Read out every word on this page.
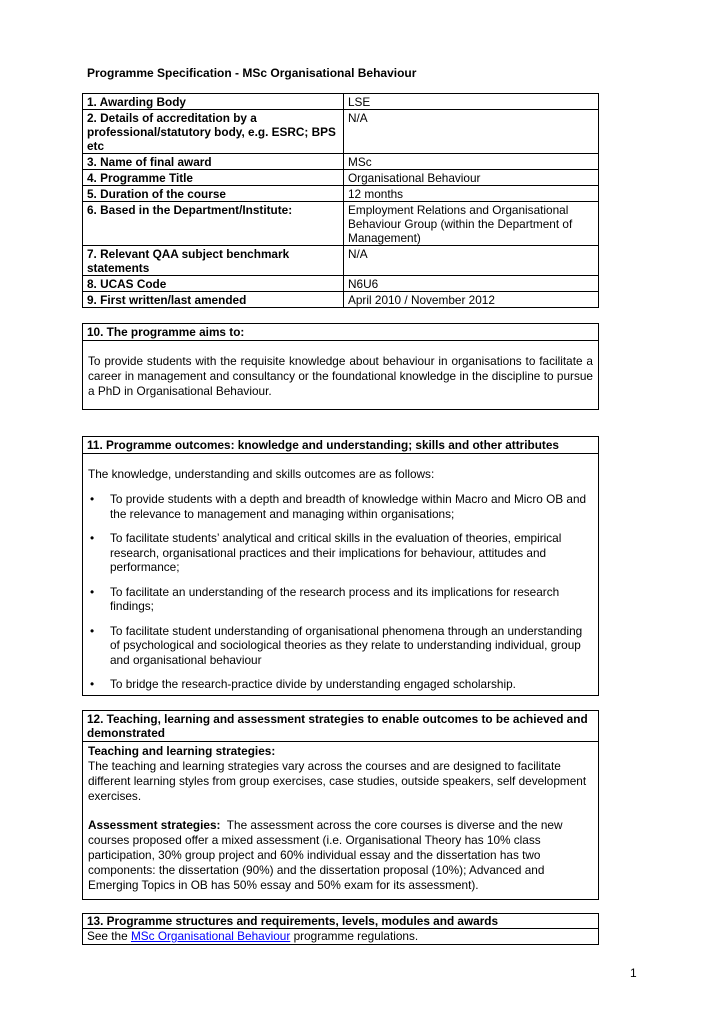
Programme Specification - MSc Organisational Behaviour
1. Awarding Body	LSE
2. Details of accreditation by a professional/statutory body, e.g. ESRC; BPS etc	N/A
3. Name of final award	MSc
4. Programme Title	Organisational Behaviour
5. Duration of the course	12 months
6. Based in the Department/Institute:	Employment Relations and Organisational Behaviour Group (within the Department of Management)
7. Relevant QAA subject benchmark statements	N/A
8. UCAS Code	N6U6
9. First written/last amended	April 2010 / November 2012
10. The programme aims to:
To provide students with the requisite knowledge about behaviour in organisations to facilitate a career in management and consultancy or the foundational knowledge in the discipline to pursue a PhD in Organisational Behaviour.
11. Programme outcomes: knowledge and understanding; skills and other attributes
The knowledge, understanding and skills outcomes are as follows:
• To provide students with a depth and breadth of knowledge within Macro and Micro OB and the relevance to management and managing within organisations;
• To facilitate students’ analytical and critical skills in the evaluation of theories, empirical research, organisational practices and their implications for behaviour, attitudes and performance;
• To facilitate an understanding of the research process and its implications for research findings;
• To facilitate student understanding of organisational phenomena through an understanding of psychological and sociological theories as they relate to understanding individual, group and organisational behaviour
• To bridge the research-practice divide by understanding engaged scholarship.
12. Teaching, learning and assessment strategies to enable outcomes to be achieved and demonstrated
Teaching and learning strategies:
The teaching and learning strategies vary across the courses and are designed to facilitate different learning styles from group exercises, case studies, outside speakers, self development exercises.
Assessment strategies: The assessment across the core courses is diverse and the new courses proposed offer a mixed assessment (i.e. Organisational Theory has 10% class participation, 30% group project and 60% individual essay and the dissertation has two components: the dissertation (90%) and the dissertation proposal (10%); Advanced and Emerging Topics in OB has 50% essay and 50% exam for its assessment).
13. Programme structures and requirements, levels, modules and awards
See the MSc Organisational Behaviour programme regulations.
1
